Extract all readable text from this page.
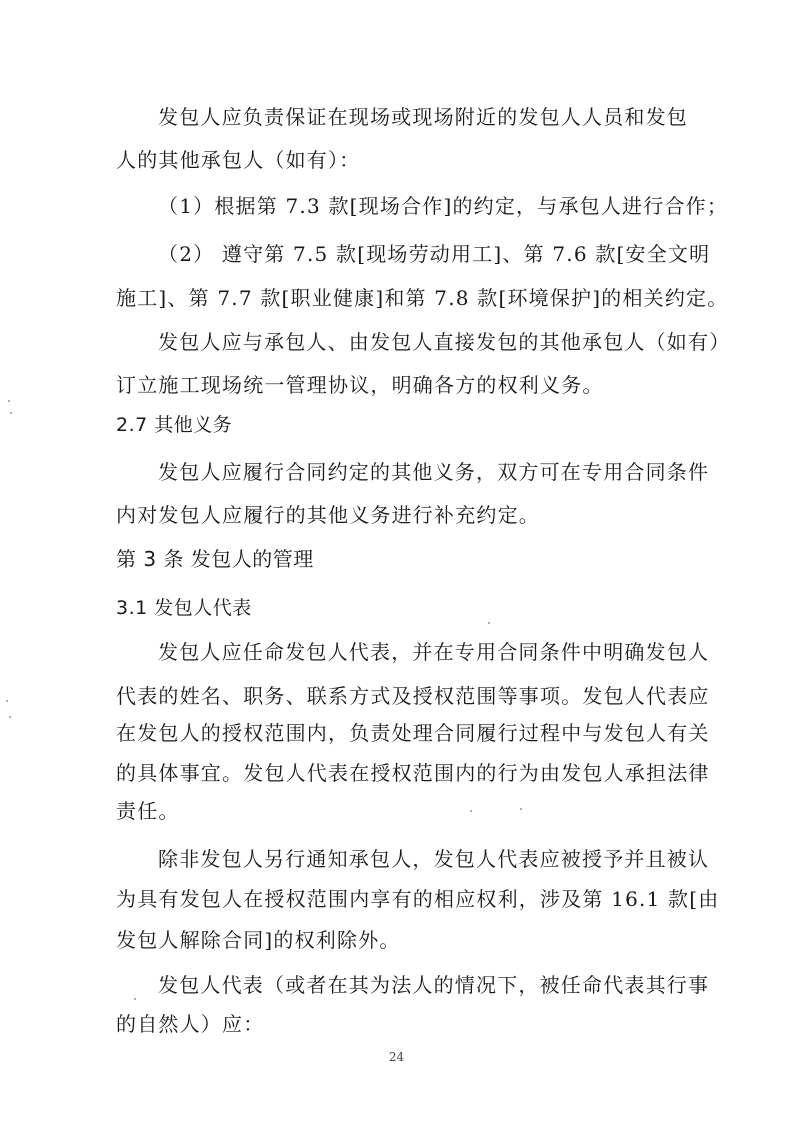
发包人应负责保证在现场或现场附近的发包人人员和发包
人的其他承包人（如有）：
（1）根据第 7.3 款[现场合作]的约定，与承包人进行合作；
（2） 遵守第 7.5 款[现场劳动用工]、第 7.6 款[安全文明
施工]、第 7.7 款[职业健康]和第 7.8 款[环境保护]的相关约定。
发包人应与承包人、由发包人直接发包的其他承包人（如有）
订立施工现场统一管理协议，明确各方的权利义务。
2.7 其他义务
发包人应履行合同约定的其他义务，双方可在专用合同条件
内对发包人应履行的其他义务进行补充约定。
第 3 条 发包人的管理
3.1 发包人代表
发包人应任命发包人代表，并在专用合同条件中明确发包人
代表的姓名、职务、联系方式及授权范围等事项。发包人代表应
在发包人的授权范围内，负责处理合同履行过程中与发包人有关
的具体事宜。发包人代表在授权范围内的行为由发包人承担法律
责任。
除非发包人另行通知承包人，发包人代表应被授予并且被认
为具有发包人在授权范围内享有的相应权利，涉及第 16.1 款[由
发包人解除合同]的权利除外。
发包人代表（或者在其为法人的情况下，被任命代表其行事
的自然人）应：
24
